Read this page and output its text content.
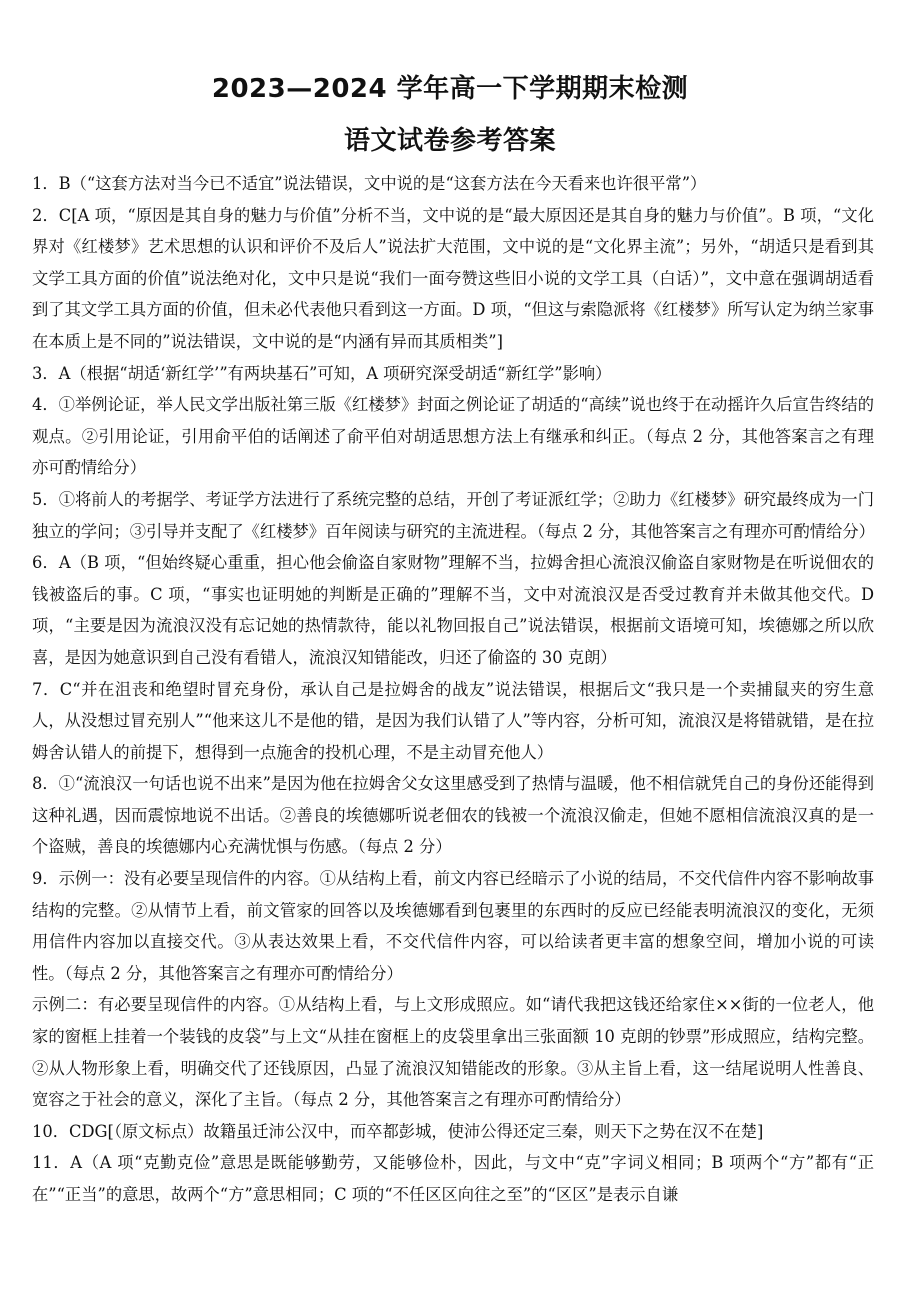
2023—2024 学年高一下学期期末检测
语文试卷参考答案

1．B（“这套方法对当今已不适宜”说法错误，文中说的是“这套方法在今天看来也许很平常”）

2．C[A 项，“原因是其自身的魅力与价值”分析不当，文中说的是“最大原因还是其自身的魅力与价值”。B 项，“文化界对《红楼梦》艺术思想的认识和评价不及后人”说法扩大范围，文中说的是“文化界主流”；另外，“胡适只是看到其文学工具方面的价值”说法绝对化，文中只是说“我们一面夸赞这些旧小说的文学工具（白话）”，文中意在强调胡适看到了其文学工具方面的价值，但未必代表他只看到这一方面。D 项，“但这与索隐派将《红楼梦》所写认定为纳兰家事在本质上是不同的”说法错误，文中说的是“内涵有异而其质相类”]

3．A（根据“胡适‘新红学’”有两块基石”可知，A 项研究深受胡适“新红学”影响）

4．①举例论证，举人民文学出版社第三版《红楼梦》封面之例论证了胡适的“高续”说也终于在动摇许久后宣告终结的观点。②引用论证，引用俞平伯的话阐述了俞平伯对胡适思想方法上有继承和纠正。（每点 2 分，其他答案言之有理亦可酌情给分）

5．①将前人的考据学、考证学方法进行了系统完整的总结，开创了考证派红学；②助力《红楼梦》研究最终成为一门独立的学问；③引导并支配了《红楼梦》百年阅读与研究的主流进程。（每点 2 分，其他答案言之有理亦可酌情给分）

6．A（B 项，“但始终疑心重重，担心他会偷盗自家财物”理解不当，拉姆舍担心流浪汉偷盗自家财物是在听说佃农的钱被盗后的事。C 项，“事实也证明她的判断是正确的”理解不当，文中对流浪汉是否受过教育并未做其他交代。D 项，“主要是因为流浪汉没有忘记她的热情款待，能以礼物回报自己”说法错误，根据前文语境可知，埃德娜之所以欣喜，是因为她意识到自己没有看错人，流浪汉知错能改，归还了偷盗的 30 克朗）

7．C“并在沮丧和绝望时冒充身份，承认自己是拉姆舍的战友”说法错误，根据后文“我只是一个卖捕鼠夹的穷生意人，从没想过冒充别人”“他来这儿不是他的错，是因为我们认错了人”等内容，分析可知，流浪汉是将错就错，是在拉姆舍认错人的前提下，想得到一点施舍的投机心理，不是主动冒充他人）

8．①“流浪汉一句话也说不出来”是因为他在拉姆舍父女这里感受到了热情与温暖，他不相信就凭自己的身份还能得到这种礼遇，因而震惊地说不出话。②善良的埃德娜听说老佃农的钱被一个流浪汉偷走，但她不愿相信流浪汉真的是一个盗贼，善良的埃德娜内心充满忧惧与伤感。（每点 2 分）

9．示例一：没有必要呈现信件的内容。①从结构上看，前文内容已经暗示了小说的结局，不交代信件内容不影响故事结构的完整。②从情节上看，前文管家的回答以及埃德娜看到包裹里的东西时的反应已经能表明流浪汉的变化，无须用信件内容加以直接交代。③从表达效果上看，不交代信件内容，可以给读者更丰富的想象空间，增加小说的可读性。（每点 2 分，其他答案言之有理亦可酌情给分）

示例二：有必要呈现信件的内容。①从结构上看，与上文形成照应。如“请代我把这钱还给家住××街的一位老人，他家的窗框上挂着一个装钱的皮袋”与上文“从挂在窗框上的皮袋里拿出三张面额 10 克朗的钞票”形成照应，结构完整。②从人物形象上看，明确交代了还钱原因，凸显了流浪汉知错能改的形象。③从主旨上看，这一结尾说明人性善良、宽容之于社会的意义，深化了主旨。（每点 2 分，其他答案言之有理亦可酌情给分）

10．CDG[（原文标点）故籍虽迁沛公汉中，而卒都彭城，使沛公得还定三秦，则天下之势在汉不在楚]

11．A（A 项“克勤克俭”意思是既能够勤劳，又能够俭朴，因此，与文中“克”字词义相同；B 项两个“方”都有“正在”“正当”的意思，故两个“方”意思相同；C 项的“不任区区向往之至”的“区区”是表示自谦
